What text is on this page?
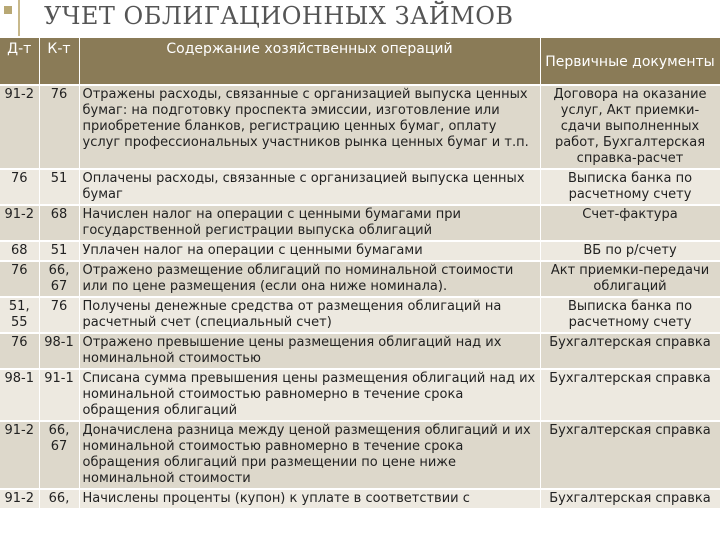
УЧЕТ ОБЛИГАЦИОННЫХ ЗАЙМОВ
Д-т	К-т	Содержание хозяйственных операций	Первичные документы
91-2	76	Отражены расходы, связанные с организацией выпуска ценных бумаг: на подготовку проспекта эмиссии, изготовление или приобретение бланков, регистрацию ценных бумаг, оплату услуг профессиональных участников рынка ценных бумаг и т.п.	Договора на оказание услуг, Акт приемки-сдачи выполненных работ, Бухгалтерская справка-расчет
76	51	Оплачены расходы, связанные с организацией выпуска ценных бумаг	Выписка банка по расчетному счету
91-2	68	Начислен налог на операции с ценными бумагами при государственной регистрации выпуска облигаций	Счет-фактура
68	51	Уплачен налог на операции с ценными бумагами	ВБ по р/счету
76	66, 67	Отражено размещение облигаций по номинальной стоимости или по цене размещения (если она ниже номинала).	Акт приемки-передачи облигаций
51, 55	76	Получены денежные средства от размещения облигаций на расчетный счет (специальный счет)	Выписка банка по расчетному счету
76	98-1	Отражено превышение цены размещения облигаций над их номинальной стоимостью	Бухгалтерская справка
98-1	91-1	Списана сумма превышения цены размещения облигаций над их номинальной стоимостью равномерно в течение срока обращения облигаций	Бухгалтерская справка
91-2	66, 67	Доначислена разница между ценой размещения облигаций и их номинальной стоимостью равномерно в течение срока обращения облигаций при размещении по цене ниже номинальной стоимости	Бухгалтерская справка
91-2	66,	Начислены проценты (купон) к уплате в соответствии с	Бухгалтерская справка
